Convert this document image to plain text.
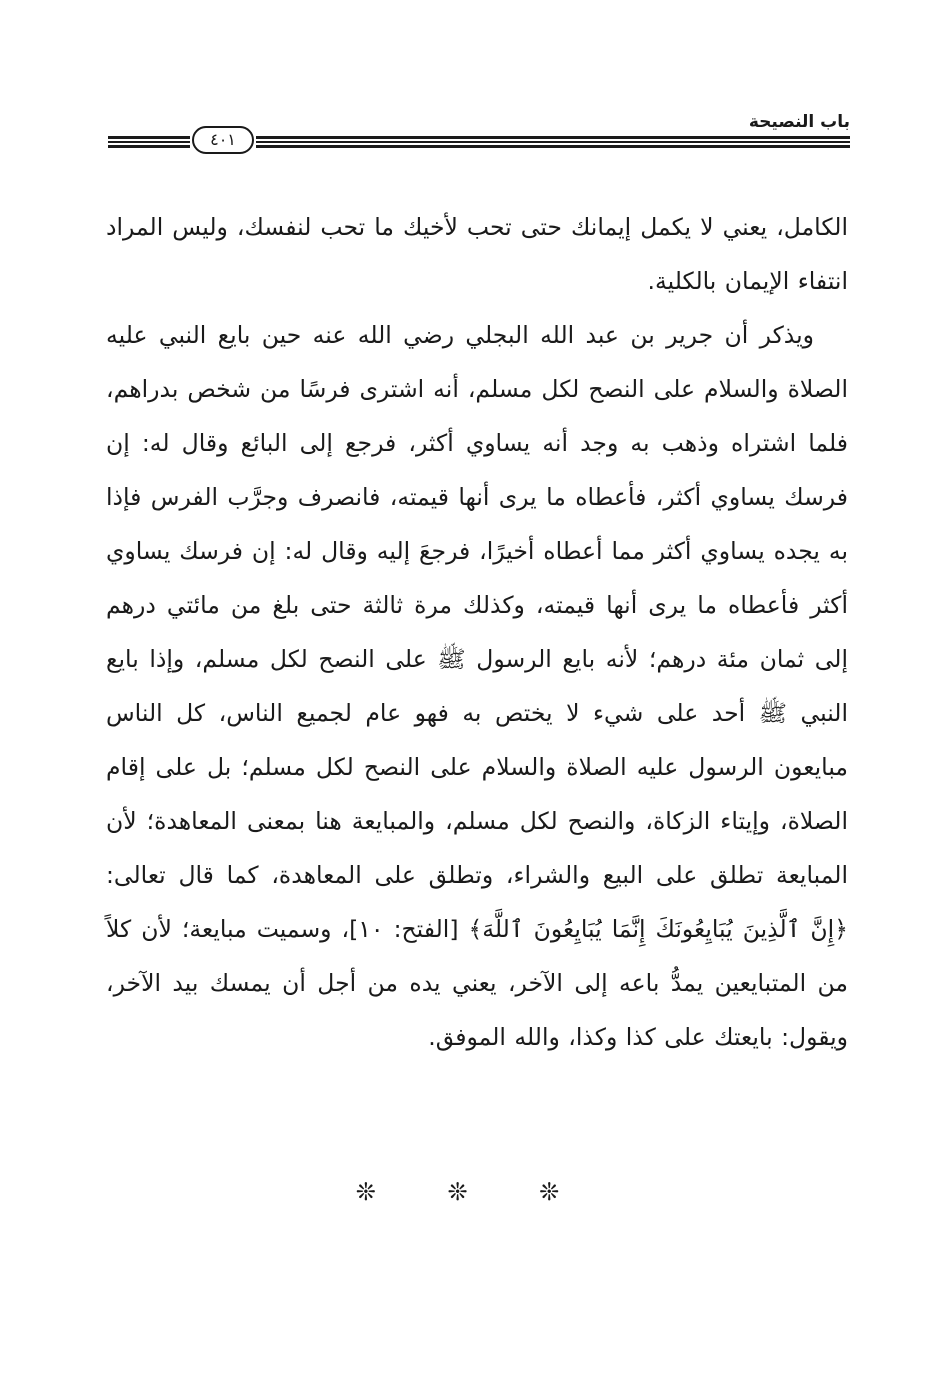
باب النصيحة
٤٠١

الكامل، يعني لا يكمل إيمانك حتى تحب لأخيك ما تحب لنفسك، وليس المراد انتفاء الإيمان بالكلية.

ويذكر أن جرير بن عبد الله البجلي رضي الله عنه حين بايع النبي عليه الصلاة والسلام على النصح لكل مسلم، أنه اشترى فرسًا من شخص بدراهم، فلما اشتراه وذهب به وجد أنه يساوي أكثر، فرجع إلى البائع وقال له: إن فرسك يساوي أكثر، فأعطاه ما يرى أنها قيمته، فانصرف وجرَّب الفرس فإذا به يجده يساوي أكثر مما أعطاه أخيرًا، فرجعَ إليه وقال له: إن فرسك يساوي أكثر فأعطاه ما يرى أنها قيمته، وكذلك مرة ثالثة حتى بلغ من مائتي درهم إلى ثمان مئة درهم؛ لأنه بايع الرسول ﷺ على النصح لكل مسلم، وإذا بايع النبي ﷺ أحد على شيء لا يختص به فهو عام لجميع الناس، كل الناس مبايعون الرسول عليه الصلاة والسلام على النصح لكل مسلم؛ بل على إقام الصلاة، وإيتاء الزكاة، والنصح لكل مسلم، والمبايعة هنا بمعنى المعاهدة؛ لأن المبايعة تطلق على البيع والشراء، وتطلق على المعاهدة، كما قال تعالى: ﴿إِنَّ ٱلَّذِينَ يُبَايِعُونَكَ إِنَّمَا يُبَايِعُونَ ٱللَّهَ﴾ [الفتح: ١٠]، وسميت مبايعة؛ لأن كلاً من المتبايعين يمدُّ باعه إلى الآخر، يعني يده من أجل أن يمسك بيد الآخر، ويقول: بايعتك على كذا وكذا، والله الموفق.

❊ ❊ ❊
